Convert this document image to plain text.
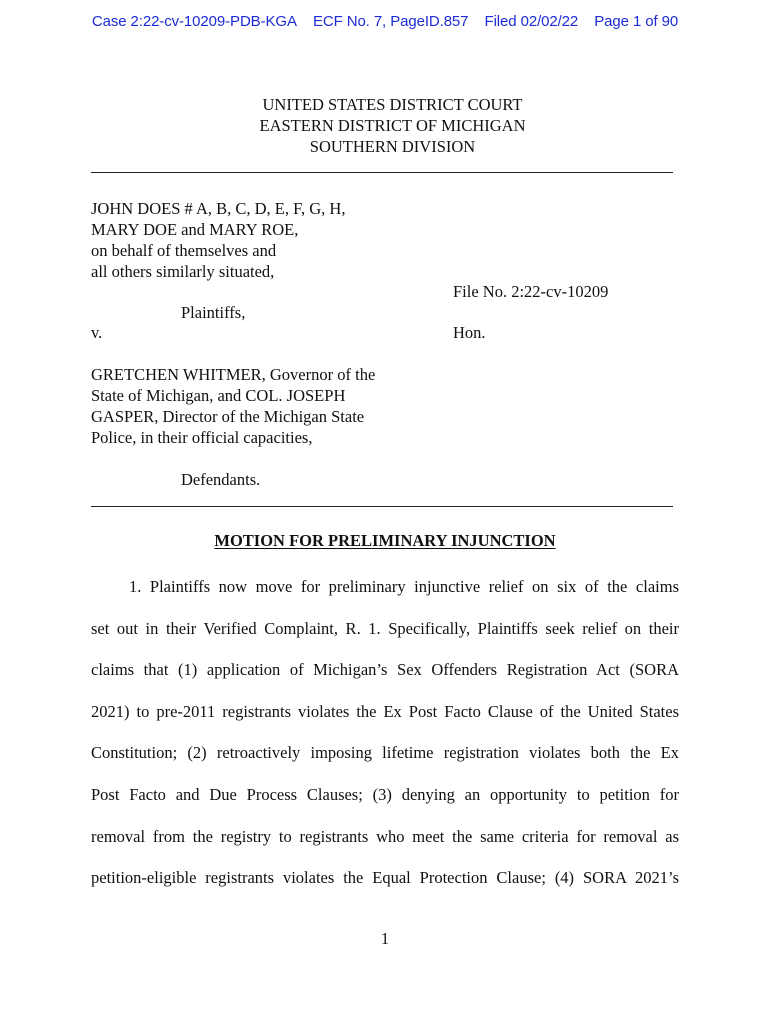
Case 2:22-cv-10209-PDB-KGA ECF No. 7, PageID.857 Filed 02/02/22 Page 1 of 90
UNITED STATES DISTRICT COURT
EASTERN DISTRICT OF MICHIGAN
SOUTHERN DIVISION
JOHN DOES # A, B, C, D, E, F, G, H,
MARY DOE and MARY ROE,
on behalf of themselves and
all others similarly situated,
Plaintiffs,
v.
File No. 2:22-cv-10209
Hon.
GRETCHEN WHITMER, Governor of the
State of Michigan, and COL. JOSEPH
GASPER, Director of the Michigan State
Police, in their official capacities,
Defendants.
MOTION FOR PRELIMINARY INJUNCTION
1. Plaintiffs now move for preliminary injunctive relief on six of the claims
set out in their Verified Complaint, R. 1. Specifically, Plaintiffs seek relief on their
claims that (1) application of Michigan’s Sex Offenders Registration Act (SORA
2021) to pre-2011 registrants violates the Ex Post Facto Clause of the United States
Constitution; (2) retroactively imposing lifetime registration violates both the Ex
Post Facto and Due Process Clauses; (3) denying an opportunity to petition for
removal from the registry to registrants who meet the same criteria for removal as
petition-eligible registrants violates the Equal Protection Clause; (4) SORA 2021’s
1
